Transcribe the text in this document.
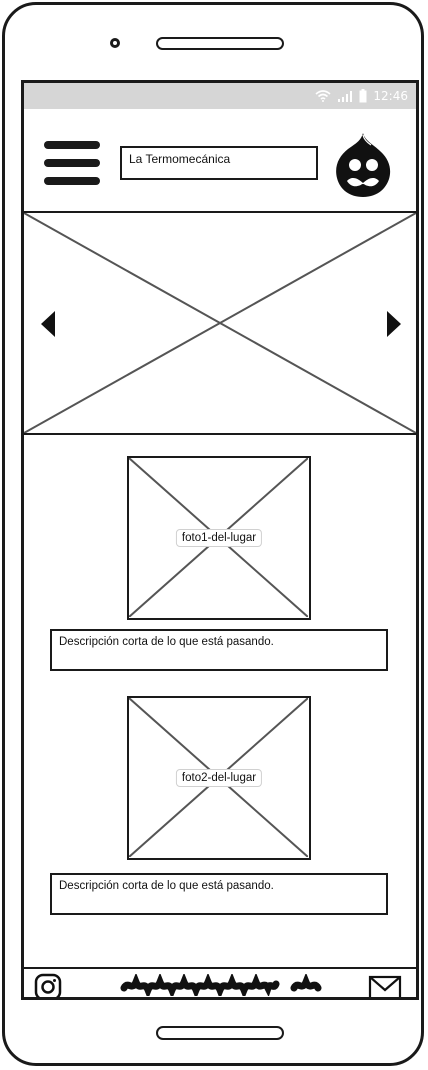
12:46
La Termomecánica
foto1-del-lugar
Descripción corta de lo que está pasando.
foto2-del-lugar
Descripción corta de lo que está pasando.
